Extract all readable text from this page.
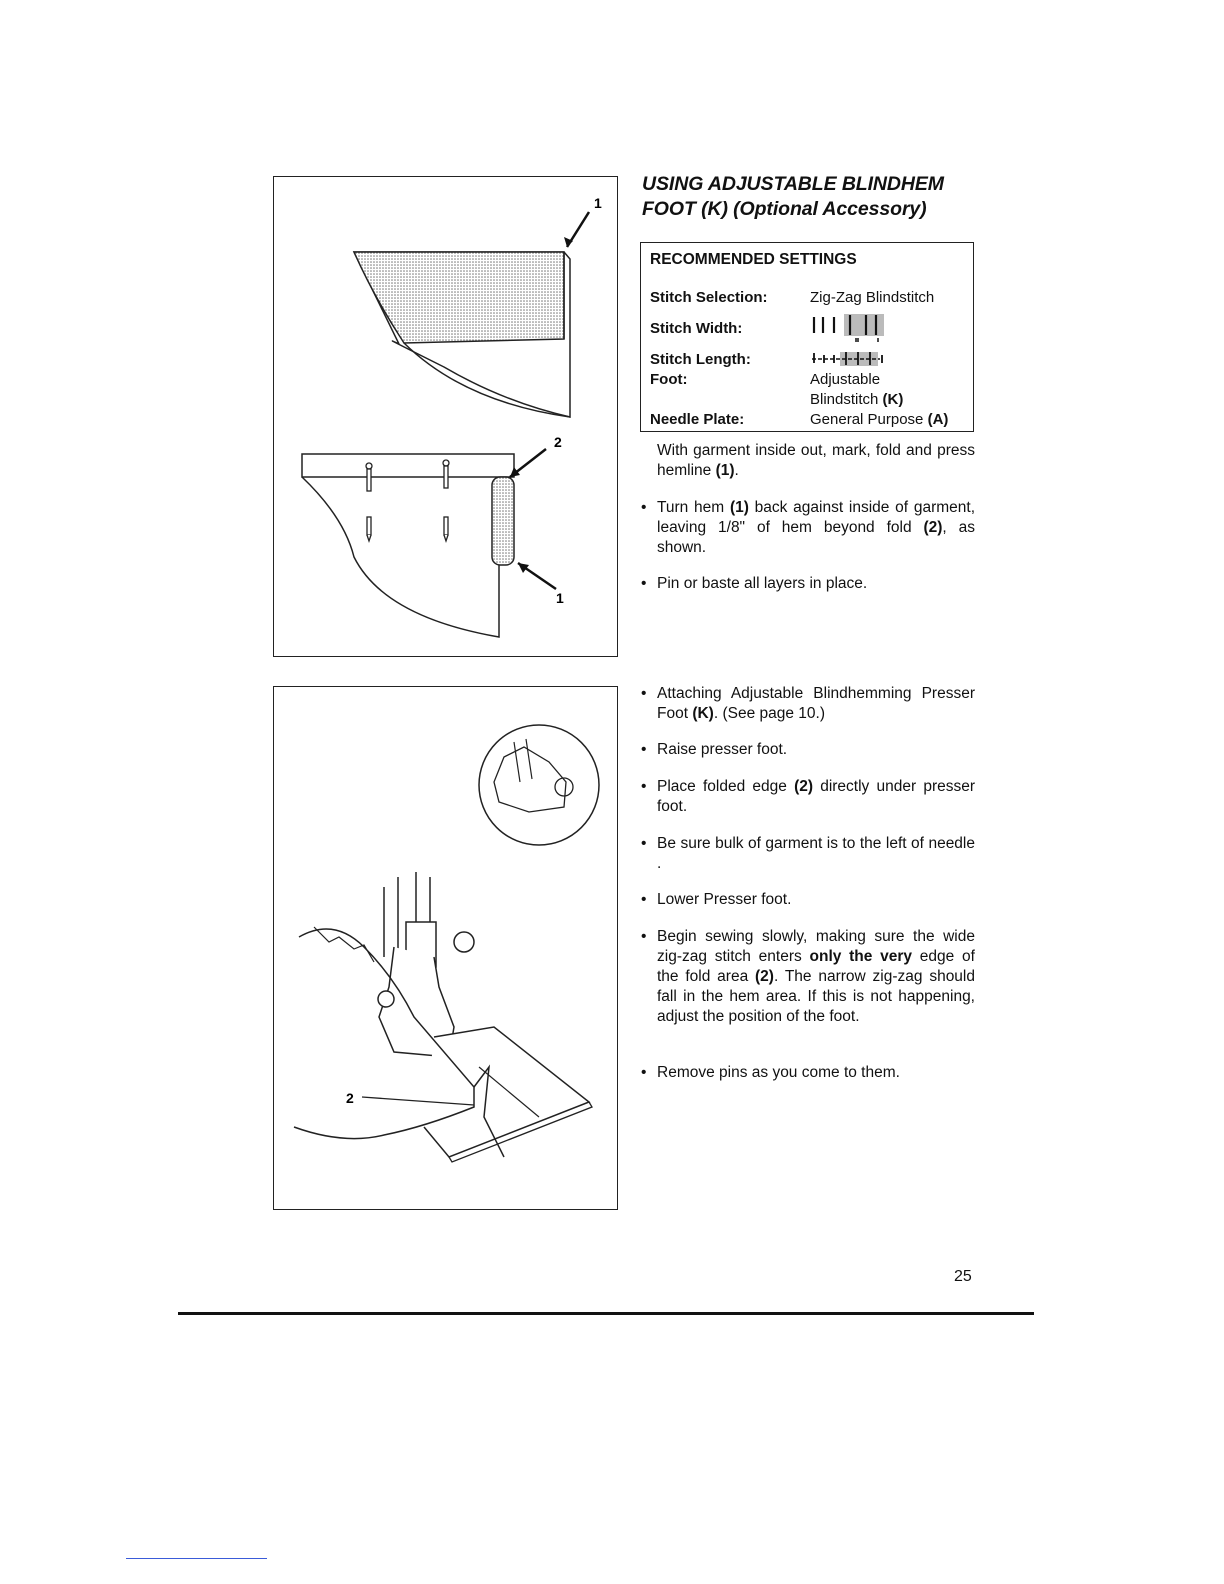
1
2
1
2
USING ADJUSTABLE BLINDHEM
FOOT (K) (Optional Accessory)
RECOMMENDED SETTINGS
Stitch Selection:	Zig-Zag Blindstitch
Stitch Width:
Stitch Length:
Foot:	Adjustable
Blindstitch (K)
Needle Plate:	General Purpose (A)
With garment inside out, mark, fold and press hemline (1).
• Turn hem (1) back against inside of garment, leaving 1/8" of hem beyond fold (2), as shown.
• Pin or baste all layers in place.
• Attaching Adjustable Blindhemming Presser Foot (K). (See page 10.)
• Raise presser foot.
• Place folded edge (2) directly under presser foot.
• Be sure bulk of garment is to the left of needle .
• Lower Presser foot.
• Begin sewing slowly, making sure the wide zig-zag stitch enters only the very edge of the fold area (2). The narrow zig-zag should fall in the hem area. If this is not happening, adjust the position of the foot.
• Remove pins as you come to them.
25
